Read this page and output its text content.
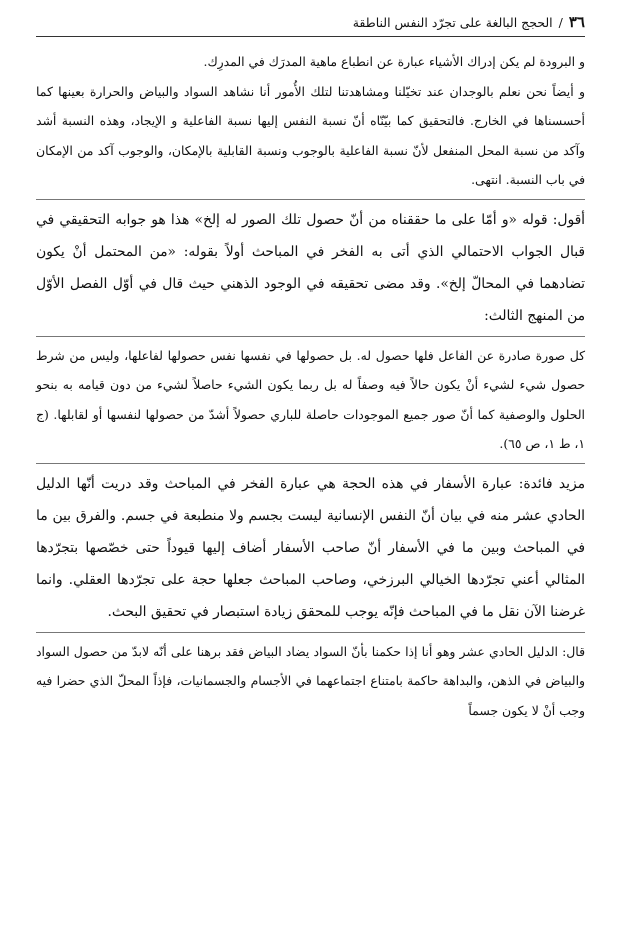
٣٦
/
الحجج البالغة على تجرّد النفس الناطقة

و البرودة لم يكن إدراك الأشياء عبارة عن انطباع ماهية المدرَك في المدرِك.

و أيضاً نحن نعلم بالوجدان عند تخيّلنا ومشاهدتنا لتلك الأُمور أنا نشاهد السواد والبياض والحرارة بعينها كما أحسسناها في الخارج. فالتحقيق كما بيّنّاه أنّ نسبة النفس إليها نسبة الفاعلية و الإيجاد، وهذه النسبة أشد وآكد من نسبة المحل المنفعل لأنّ نسبة الفاعلية بالوجوب ونسبة القابلية بالإمكان، والوجوب آكد من الإمكان في باب النسبة. انتهى.

أقول: قوله «و أمّا على ما حققناه من أنّ حصول تلك الصور له إلخ» هذا هو جوابه التحقيقي في قبال الجواب الاحتمالي الذي أتى به الفخر في المباحث أولاً بقوله: «من المحتمل أنْ يكون تضادهما في المحالّ إلخ». وقد مضى تحقيقه في الوجود الذهني حيث قال في أوّل الفصل الأوّل من المنهج الثالث:

كل صورة صادرة عن الفاعل فلها حصول له. بل حصولها في نفسها نفس حصولها لفاعلها، وليس من شرط حصول شيء لشيء أنْ يكون حالاً فيه وصفاً له بل ربما يكون الشيء حاصلاً لشيء من دون قيامه به بنحو الحلول والوصفية كما أنّ صور جميع الموجودات حاصلة للباري حصولاً أشدّ من حصولها لنفسها أو لقابلها. (ج ١، ط ١، ص ٦٥).

مزيد فائدة: عبارة الأسفار في هذه الحجة هي عبارة الفخر في المباحث وقد دريت أنّها الدليل الحادي عشر منه في بيان أنّ النفس الإنسانية ليست بجسم ولا منطبعة في جسم. والفرق بين ما في المباحث وبين ما في الأسفار أنّ صاحب الأسفار أضاف إليها قيوداً حتى خصّصها بتجرّدها المثالي أعني تجرّدها الخيالي البرزخي، وصاحب المباحث جعلها حجة على تجرّدها العقلي. وانما غرضنا الآن نقل ما في المباحث فإنّه يوجب للمحقق زيادة استبصار في تحقيق البحث.

قال: الدليل الحادي عشر وهو أنا إذا حكمنا بأنّ السواد يضاد البياض فقد برهنا على أنّه لابدّ من حصول السواد والبياض في الذهن، والبداهة حاكمة بامتناع اجتماعهما في الأجسام والجسمانيات، فإذاً المحلّ الذي حضرا فيه وجب أنْ لا يكون جسماً
